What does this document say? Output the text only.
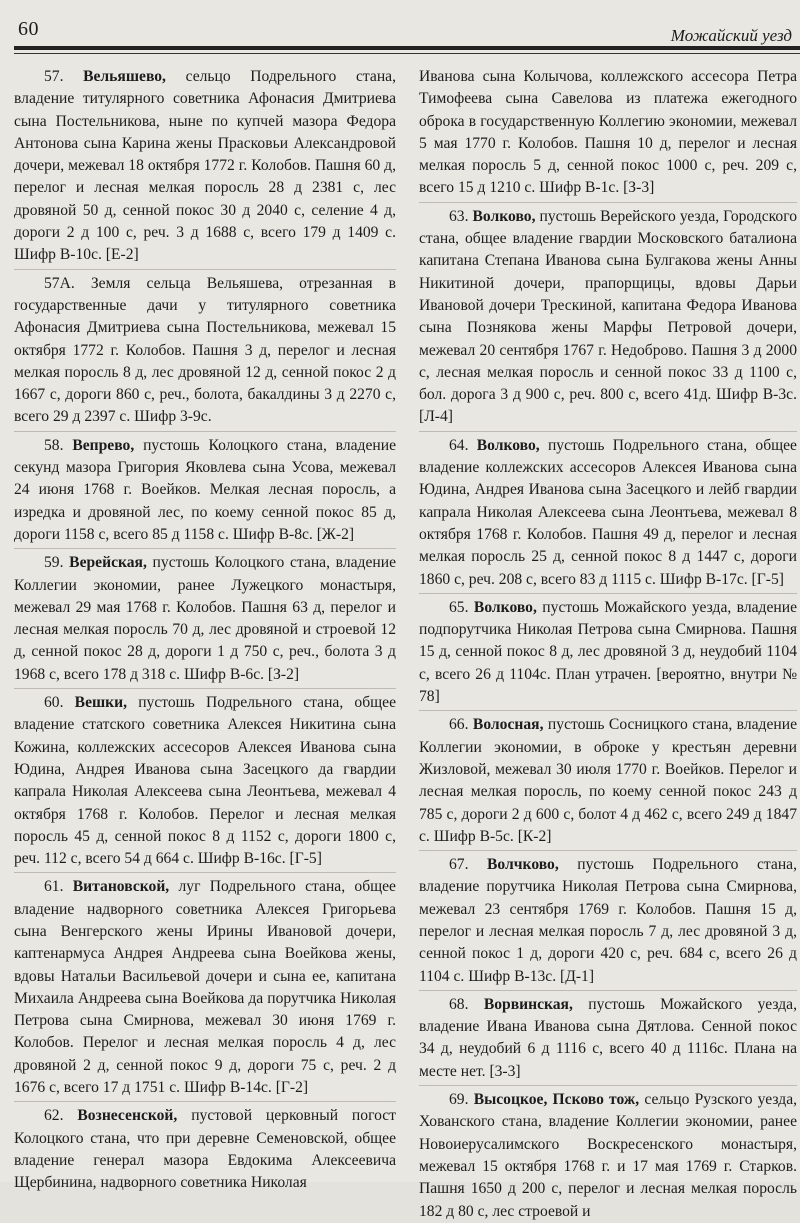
60	Можайский уезд

57. Вельяшево, сельцо Подрельного стана, владение титулярного советника Афонасия Дмитриева сына Постельникова, ныне по купчей мазора Федора Антонова сына Карина жены Прасковьи Александровой дочери, межевал 18 октября 1772 г. Колобов. Пашня 60 д, перелог и лесная мелкая поросль 28 д 2381 с, лес дровяной 50 д, сенной покос 30 д 2040 с, селение 4 д, дороги 2 д 100 с, реч. 3 д 1688 с, всего 179 д 1409 с. Шифр В-10с. [Е-2]

57А. Земля сельца Вельяшева, отрезанная в государственные дачи у титулярного советника Афонасия Дмитриева сына Постельникова, межевал 15 октября 1772 г. Колобов. Пашня 3 д, перелог и лесная мелкая поросль 8 д, лес дровяной 12 д, сенной покос 2 д 1667 с, дороги 860 с, реч., болота, бакалдины 3 д 2270 с, всего 29 д 2397 с. Шифр 3-9с.

58. Вепрево, пустошь Колоцкого стана, владение секунд мазора Григория Яковлева сына Усова, межевал 24 июня 1768 г. Воейков. Мелкая лесная поросль, а изредка и дровяной лес, по коему сенной покос 85 д, дороги 1158 с, всего 85 д 1158 с. Шифр В-8с. [Ж-2]

59. Верейская, пустошь Колоцкого стана, владение Коллегии экономии, ранее Лужецкого монастыря, межевал 29 мая 1768 г. Колобов. Пашня 63 д, перелог и лесная мелкая поросль 70 д, лес дровяной и строевой 12 д, сенной покос 28 д, дороги 1 д 750 с, реч., болота 3 д 1968 с, всего 178 д 318 с. Шифр В-6с. [З-2]

60. Вешки, пустошь Подрельного стана, общее владение статского советника Алексея Никитина сына Кожина, коллежских ассесоров Алексея Иванова сына Юдина, Андрея Иванова сына Засецкого да гвардии капрала Николая Алексеева сына Леонтьева, межевал 4 октября 1768 г. Колобов. Перелог и лесная мелкая поросль 45 д, сенной покос 8 д 1152 с, дороги 1800 с, реч. 112 с, всего 54 д 664 с. Шифр В-16с. [Г-5]

61. Витановской, луг Подрельного стана, общее владение надворного советника Алексея Григорьева сына Венгерского жены Ирины Ивановой дочери, каптенармуса Андрея Андреева сына Воейкова жены, вдовы Натальи Васильевой дочери и сына ее, капитана Михаила Андреева сына Воейкова да порутчика Николая Петрова сына Смирнова, межевал 30 июня 1769 г. Колобов. Перелог и лесная мелкая поросль 4 д, лес дровяной 2 д, сенной покос 9 д, дороги 75 с, реч. 2 д 1676 с, всего 17 д 1751 с. Шифр В-14с. [Г-2]

62. Вознесенской, пустовой церковный погост Колоцкого стана, что при деревне Семеновской, общее владение генерал мазора Евдокима Алексеевича Щербинина, надворного советника Николая

Иванова сына Колычова, коллежского ассесора Петра Тимофеева сына Савелова из платежа ежегодного оброка в государственную Коллегию экономии, межевал 5 мая 1770 г. Колобов. Пашня 10 д, перелог и лесная мелкая поросль 5 д, сенной покос 1000 с, реч. 209 с, всего 15 д 1210 с. Шифр В-1с. [З-3]

63. Волково, пустошь Верейского уезда, Городского стана, общее владение гвардии Московского баталиона капитана Степана Иванова сына Булгакова жены Анны Никитиной дочери, прапорщицы, вдовы Дарьи Ивановой дочери Трескиной, капитана Федора Иванова сына Познякова жены Марфы Петровой дочери, межевал 20 сентября 1767 г. Недоброво. Пашня 3 д 2000 с, лесная мелкая поросль и сенной покос 33 д 1100 с, бол. дорога 3 д 900 с, реч. 800 с, всего 41д. Шифр В-3с. [Л-4]

64. Волково, пустошь Подрельного стана, общее владение коллежских ассесоров Алексея Иванова сына Юдина, Андрея Иванова сына Засецкого и лейб гвардии капрала Николая Алексеева сына Леонтьева, межевал 8 октября 1768 г. Колобов. Пашня 49 д, перелог и лесная мелкая поросль 25 д, сенной покос 8 д 1447 с, дороги 1860 с, реч. 208 с, всего 83 д 1115 с. Шифр В-17с. [Г-5]

65. Волково, пустошь Можайского уезда, владение подпорутчика Николая Петрова сына Смирнова. Пашня 15 д, сенной покос 8 д, лес дровяной 3 д, неудобий 1104 с, всего 26 д 1104с. План утрачен. [вероятно, внутри № 78]

66. Волосная, пустошь Сосницкого стана, владение Коллегии экономии, в оброке у крестьян деревни Жизловой, межевал 30 июля 1770 г. Воейков. Перелог и лесная мелкая поросль, по коему сенной покос 243 д 785 с, дороги 2 д 600 с, болот 4 д 462 с, всего 249 д 1847 с. Шифр В-5с. [К-2]

67. Волчково, пустошь Подрельного стана, владение порутчика Николая Петрова сына Смирнова, межевал 23 сентября 1769 г. Колобов. Пашня 15 д, перелог и лесная мелкая поросль 7 д, лес дровяной 3 д, сенной покос 1 д, дороги 420 с, реч. 684 с, всего 26 д 1104 с. Шифр В-13с. [Д-1]

68. Ворвинская, пустошь Можайского уезда, владение Ивана Иванова сына Дятлова. Сенной покос 34 д, неудобий 6 д 1116 с, всего 40 д 1116с. Плана на месте нет. [3-3]

69. Высоцкое, Псково тож, сельцо Рузского уезда, Хованского стана, владение Коллегии экономии, ранее Новоиерусалимского Воскресенского монастыря, межевал 15 октября 1768 г. и 17 мая 1769 г. Старков. Пашня 1650 д 200 с, перелог и лесная мелкая поросль 182 д 80 с, лес строевой и
